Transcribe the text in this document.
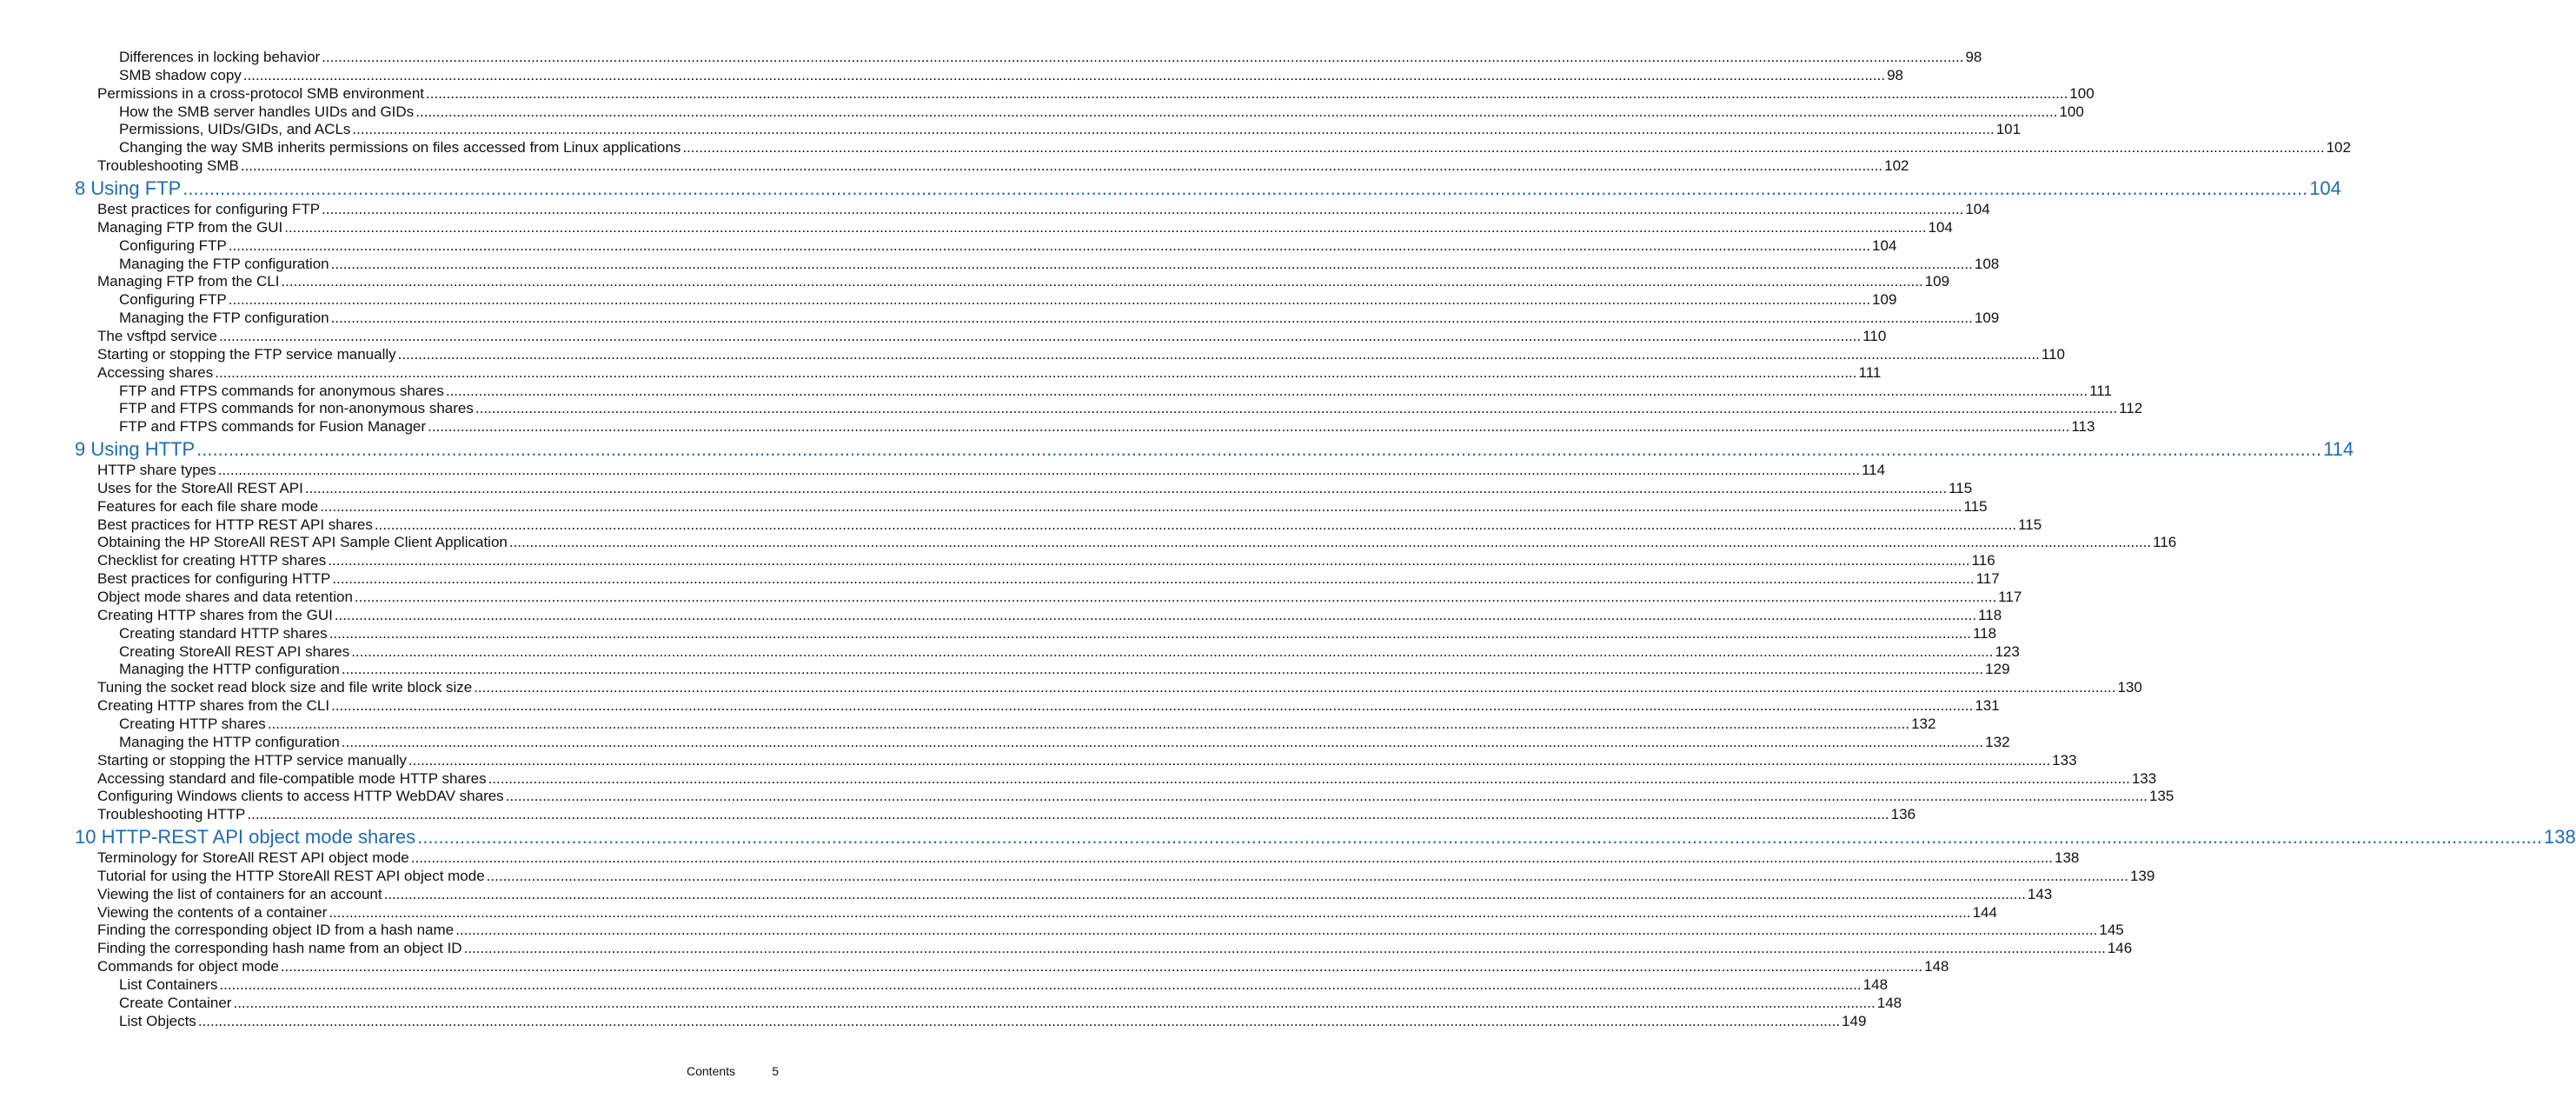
Differences in locking behavior ................................................................................................................................................................................................................................................................................................................................................................................................................ 98
SMB shadow copy ................................................................................................................................................................................................................................................................................................................................................................................................................ 98
Permissions in a cross-protocol SMB environment ................................................................................................................................................................................................................................................................................................................................................................................................................ 100
How the SMB server handles UIDs and GIDs ................................................................................................................................................................................................................................................................................................................................................................................................................ 100
Permissions, UIDs/GIDs, and ACLs ................................................................................................................................................................................................................................................................................................................................................................................................................ 101
Changing the way SMB inherits permissions on files accessed from Linux applications ................................................................................................................................................................................................................................................................................................................................................................................................................ 102
Troubleshooting SMB ................................................................................................................................................................................................................................................................................................................................................................................................................ 102
8 Using FTP ................................................................................................................................................................................................................................................................................................................................................................................................................ 104
Best practices for configuring FTP ................................................................................................................................................................................................................................................................................................................................................................................................................ 104
Managing FTP from the GUI ................................................................................................................................................................................................................................................................................................................................................................................................................ 104
Configuring FTP ................................................................................................................................................................................................................................................................................................................................................................................................................ 104
Managing the FTP configuration ................................................................................................................................................................................................................................................................................................................................................................................................................ 108
Managing FTP from the CLI ................................................................................................................................................................................................................................................................................................................................................................................................................ 109
Configuring FTP ................................................................................................................................................................................................................................................................................................................................................................................................................ 109
Managing the FTP configuration ................................................................................................................................................................................................................................................................................................................................................................................................................ 109
The vsftpd service ................................................................................................................................................................................................................................................................................................................................................................................................................ 110
Starting or stopping the FTP service manually ................................................................................................................................................................................................................................................................................................................................................................................................................ 110
Accessing shares ................................................................................................................................................................................................................................................................................................................................................................................................................ 111
FTP and FTPS commands for anonymous shares ................................................................................................................................................................................................................................................................................................................................................................................................................ 111
FTP and FTPS commands for non-anonymous shares ................................................................................................................................................................................................................................................................................................................................................................................................................ 112
FTP and FTPS commands for Fusion Manager ................................................................................................................................................................................................................................................................................................................................................................................................................ 113
9 Using HTTP ................................................................................................................................................................................................................................................................................................................................................................................................................ 114
HTTP share types ................................................................................................................................................................................................................................................................................................................................................................................................................ 114
Uses for the StoreAll REST API ................................................................................................................................................................................................................................................................................................................................................................................................................ 115
Features for each file share mode ................................................................................................................................................................................................................................................................................................................................................................................................................ 115
Best practices for HTTP REST API shares ................................................................................................................................................................................................................................................................................................................................................................................................................ 115
Obtaining the HP StoreAll REST API Sample Client Application ................................................................................................................................................................................................................................................................................................................................................................................................................ 116
Checklist for creating HTTP shares ................................................................................................................................................................................................................................................................................................................................................................................................................ 116
Best practices for configuring HTTP ................................................................................................................................................................................................................................................................................................................................................................................................................ 117
Object mode shares and data retention ................................................................................................................................................................................................................................................................................................................................................................................................................ 117
Creating HTTP shares from the GUI ................................................................................................................................................................................................................................................................................................................................................................................................................ 118
Creating standard HTTP shares ................................................................................................................................................................................................................................................................................................................................................................................................................ 118
Creating StoreAll REST API shares ................................................................................................................................................................................................................................................................................................................................................................................................................ 123
Managing the HTTP configuration ................................................................................................................................................................................................................................................................................................................................................................................................................ 129
Tuning the socket read block size and file write block size ................................................................................................................................................................................................................................................................................................................................................................................................................ 130
Creating HTTP shares from the CLI ................................................................................................................................................................................................................................................................................................................................................................................................................ 131
Creating HTTP shares ................................................................................................................................................................................................................................................................................................................................................................................................................ 132
Managing the HTTP configuration ................................................................................................................................................................................................................................................................................................................................................................................................................ 132
Starting or stopping the HTTP service manually ................................................................................................................................................................................................................................................................................................................................................................................................................ 133
Accessing standard and file-compatible mode HTTP shares ................................................................................................................................................................................................................................................................................................................................................................................................................ 133
Configuring Windows clients to access HTTP WebDAV shares ................................................................................................................................................................................................................................................................................................................................................................................................................ 135
Troubleshooting HTTP ................................................................................................................................................................................................................................................................................................................................................................................................................ 136
10 HTTP-REST API object mode shares ................................................................................................................................................................................................................................................................................................................................................................................................................ 138
Terminology for StoreAll REST API object mode ................................................................................................................................................................................................................................................................................................................................................................................................................ 138
Tutorial for using the HTTP StoreAll REST API object mode ................................................................................................................................................................................................................................................................................................................................................................................................................ 139
Viewing the list of containers for an account ................................................................................................................................................................................................................................................................................................................................................................................................................ 143
Viewing the contents of a container ................................................................................................................................................................................................................................................................................................................................................................................................................ 144
Finding the corresponding object ID from a hash name ................................................................................................................................................................................................................................................................................................................................................................................................................ 145
Finding the corresponding hash name from an object ID ................................................................................................................................................................................................................................................................................................................................................................................................................ 146
Commands for object mode ................................................................................................................................................................................................................................................................................................................................................................................................................ 148
List Containers ................................................................................................................................................................................................................................................................................................................................................................................................................ 148
Create Container ................................................................................................................................................................................................................................................................................................................................................................................................................ 148
List Objects ................................................................................................................................................................................................................................................................................................................................................................................................................ 149
Contents	5
